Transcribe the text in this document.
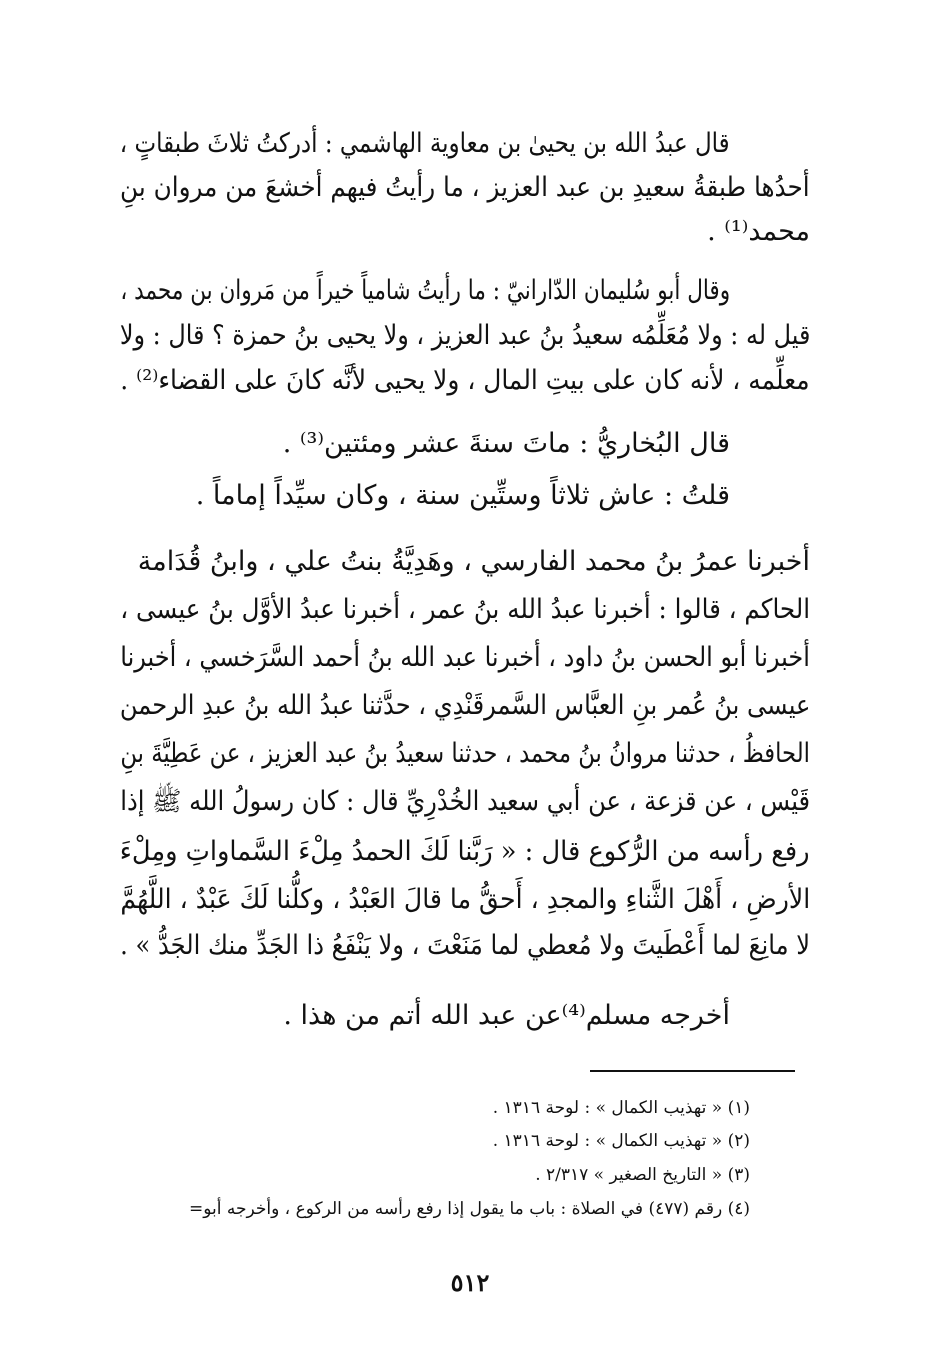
قال عبدُ الله بن يحيىٰ بن معاوية الهاشمي : أدركتُ ثلاثَ طبقاتٍ ،
أحدُها طبقةُ سعيدِ بن عبد العزيز ، ما رأيتُ فيهم أخشعَ من مروان بنِ
محمد⁽¹⁾ .
وقال أبو سُليمان الدّارانيّ : ما رأيتُ شامياً خيراً من مَروان بن محمد ،
قيل له : ولا مُعَلِّمُه سعيدُ بنُ عبد العزيز ، ولا يحيى بنُ حمزة ؟ قال : ولا
معلِّمه ، لأنه كان على بيتِ المال ، ولا يحيى لأنَّه كانَ على القضاء⁽²⁾ .
قال البُخاريُّ : ماتَ سنةَ عشر ومئتين⁽³⁾ .
قلتُ : عاش ثلاثاً وستِّين سنة ، وكان سيِّداً إماماً .
أخبرنا عمرُ بنُ محمد الفارسي ، وهَدِيَّةُ بنتُ علي ، وابنُ قُدَامة
الحاكم ، قالوا : أخبرنا عبدُ الله بنُ عمر ، أخبرنا عبدُ الأوَّل بنُ عيسى ،
أخبرنا أبو الحسن بنُ داود ، أخبرنا عبد الله بنُ أحمد السَّرَخسي ، أخبرنا
عيسى بنُ عُمر بنِ العبَّاس السَّمرقَنْدِي ، حدَّثنا عبدُ الله بنُ عبدِ الرحمن
الحافظُ ، حدثنا مروانُ بنُ محمد ، حدثنا سعيدُ بنُ عبد العزيز ، عن عَطِيَّةَ بنِ
قَيْس ، عن قزعة ، عن أبي سعيد الخُدْرِيِّ قال : كان رسولُ الله ﷺ إذا
رفع رأسه من الرُّكوع قال : « رَبَّنا لَكَ الحمدُ مِلْءَ السَّماواتِ ومِلْءَ
الأرضِ ، أَهْلَ الثَّناءِ والمجدِ ، أَحقُّ ما قالَ العَبْدُ ، وكلُّنا لَكَ عَبْدٌ ، اللَّهُمَّ
لا مانِعَ لما أَعْطَيتَ ولا مُعطي لما مَنَعْتَ ، ولا يَنْفَعُ ذا الجَدِّ منك الجَدُّ » .
أخرجه مسلم⁽⁴⁾عن عبد الله أتم من هذا .
(١) « تهذيب الكمال » : لوحة ١٣١٦ .
(٢) « تهذيب الكمال » : لوحة ١٣١٦ .
(٣) « التاريخ الصغير » ٢/٣١٧ .
(٤) رقم (٤٧٧) في الصلاة : باب ما يقول إذا رفع رأسه من الركوع ، وأخرجه أبو=
٥١٢
